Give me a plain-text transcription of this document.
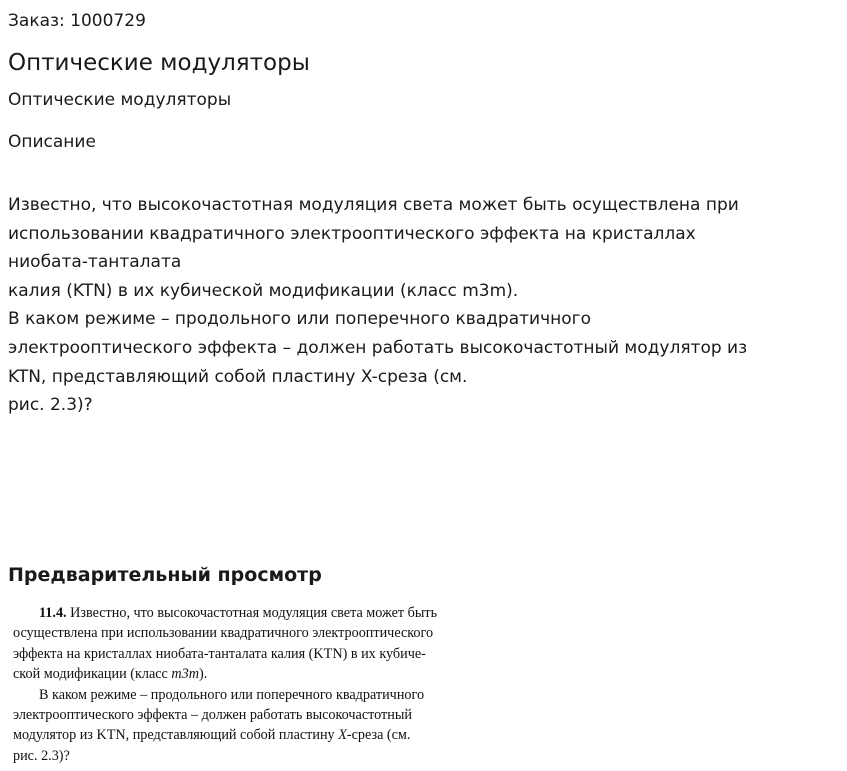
Заказ: 1000729
Оптические модуляторы
Оптические модуляторы
Описание
Известно, что высокочастотная модуляция света может быть осуществлена при
использовании квадратичного электрооптического эффекта на кристаллах
ниобата-танталата
калия (KTN) в их кубической модификации (класс m3m).
В каком режиме – продольного или поперечного квадратичного
электрооптического эффекта – должен работать высокочастотный модулятор из
KTN, представляющий собой пластину X-среза (см.
рис. 2.3)?
Предварительный просмотр
11.4. Известно, что высокочастотная модуляция света может быть
осуществлена при использовании квадратичного электрооптического
эффекта на кристаллах ниобата-танталата калия (KTN) в их кубиче-
ской модификации (класс m3m).
В каком режиме – продольного или поперечного квадратичного
электрооптического эффекта – должен работать высокочастотный
модулятор из KTN, представляющий собой пластину X-среза (см.
рис. 2.3)?
